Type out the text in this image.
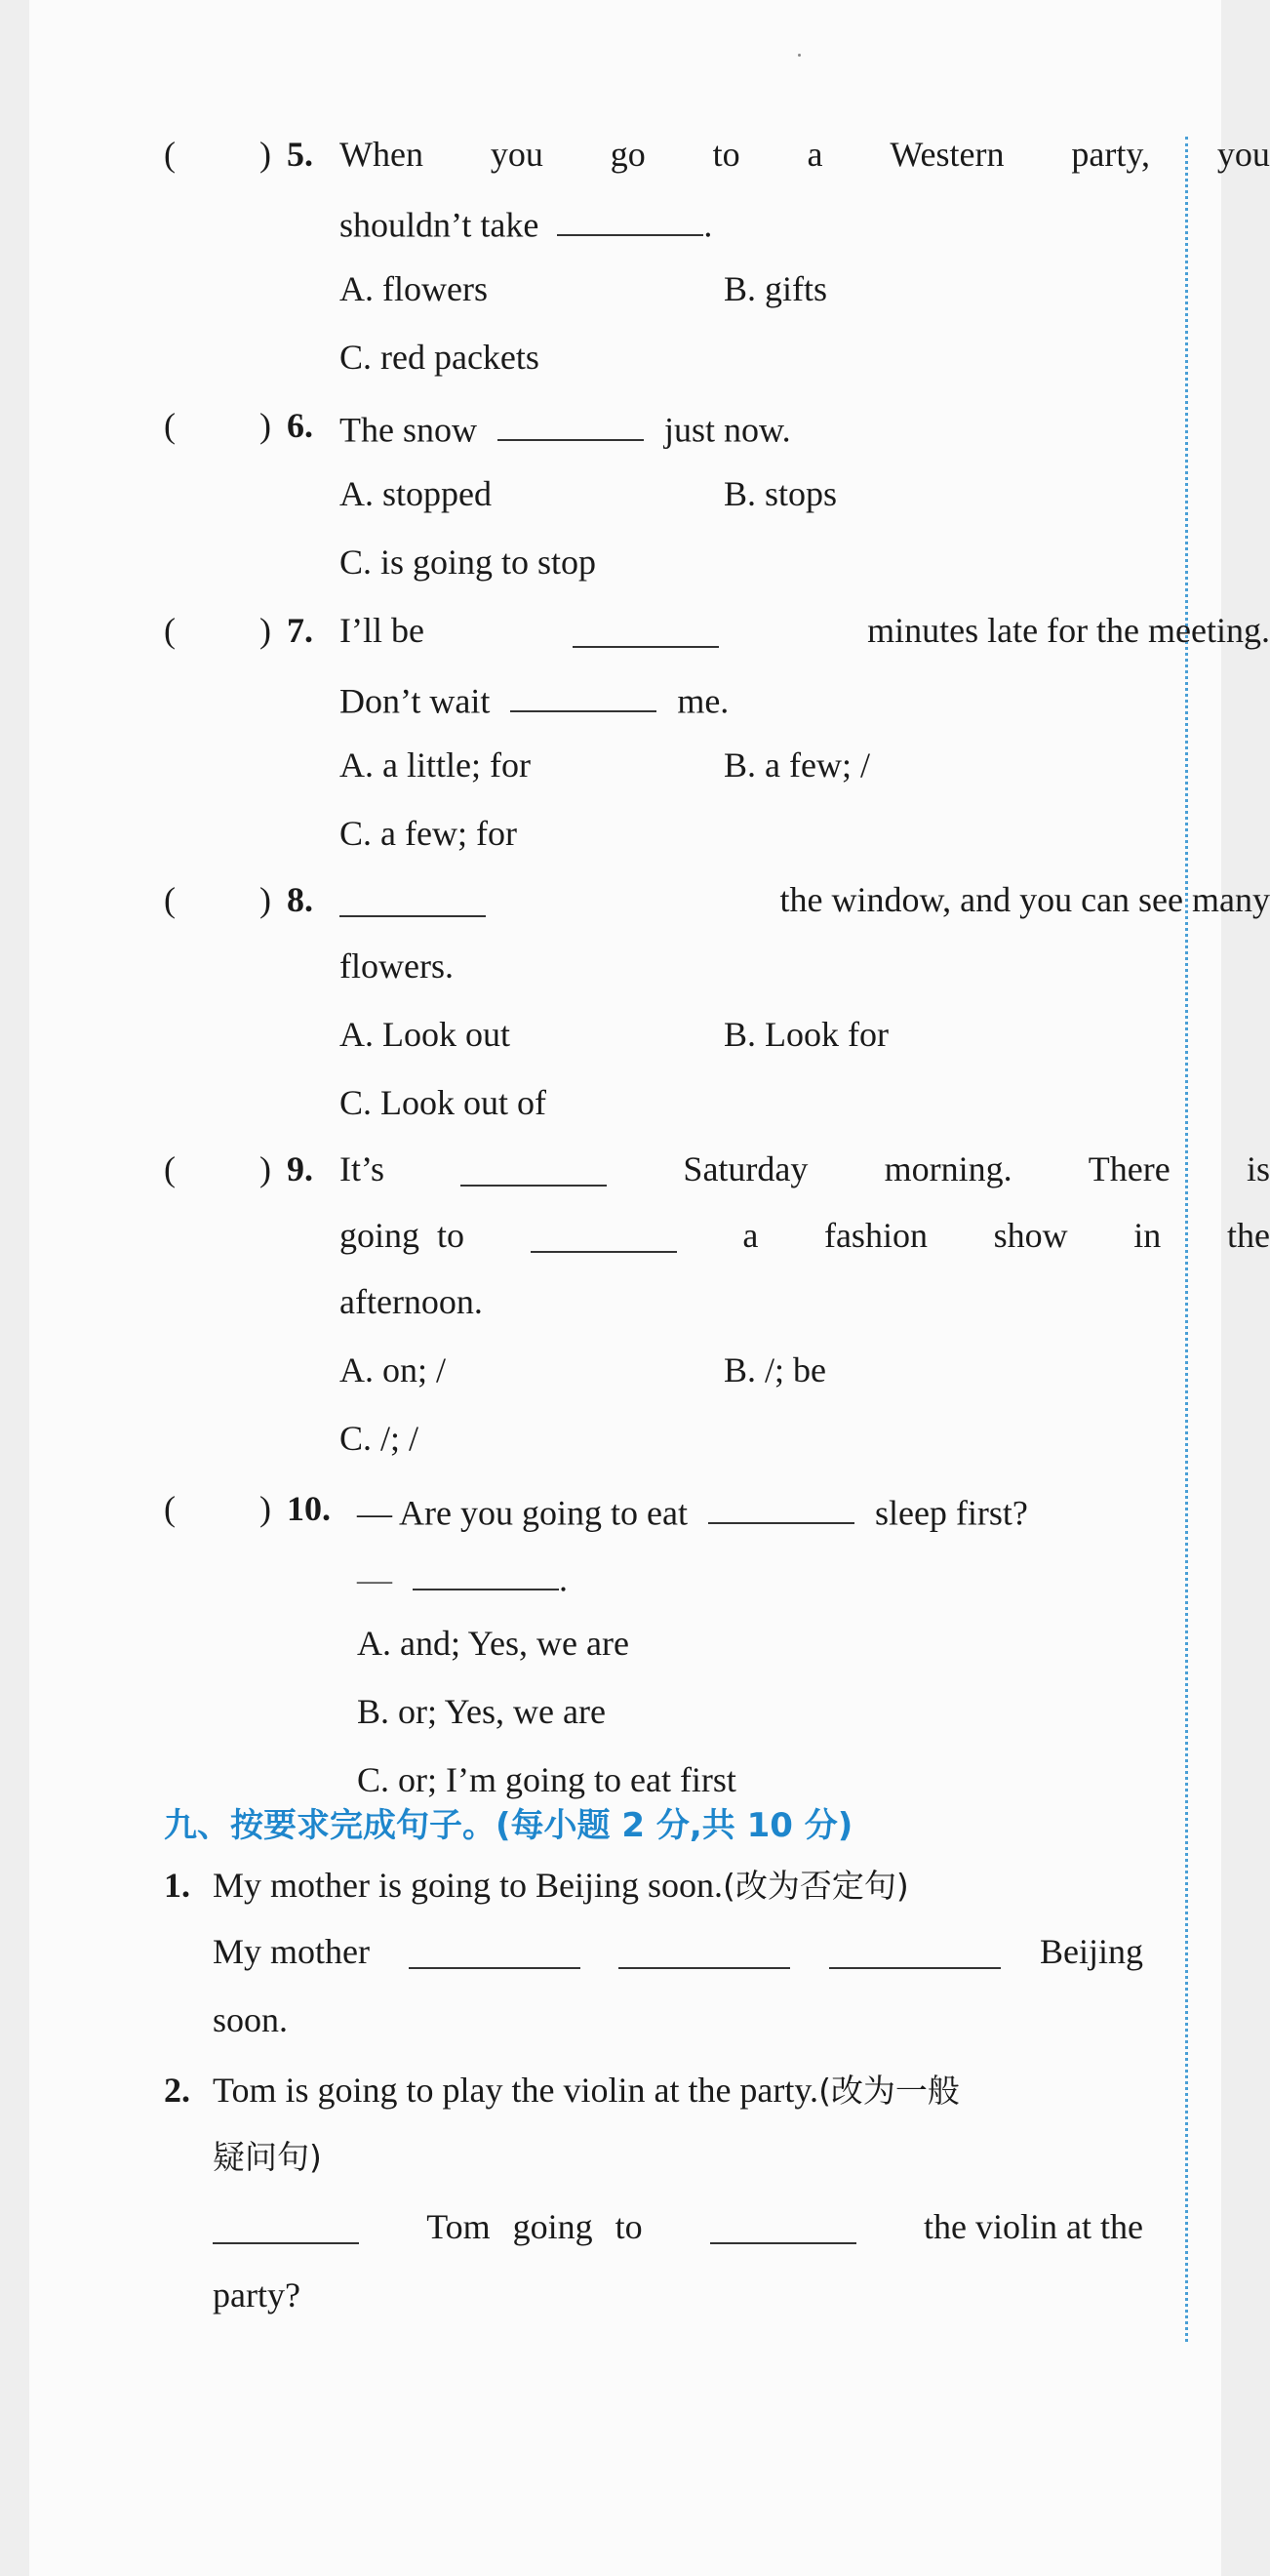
( ) 5. When you go to a Western party, you
shouldn’t take	.
A. flowers	B. gifts
C. red packets
( ) 6. The snow	just now.
A. stopped	B. stops
C. is going to stop
( ) 7. I’ll be	minutes late for the meeting.
Don’t wait	me.
A. a little; for	B. a few; /
C. a few; for
( ) 8.	the window, and you can see many
flowers.
A. Look out	B. Look for
C. Look out of
( ) 9. It’s	Saturday morning. There is
going  to	a fashion show in the
afternoon.
A. on; /	B. /; be
C. /; /
( ) 10. — Are you going to eat	sleep first?
—	.
A. and; Yes, we are
B. or; Yes, we are
C. or; I’m going to eat first
九、按要求完成句子。(每小题 2 分,共 10 分)
1. My mother is going to Beijing soon.(改为否定句)
My mother	Beijing
soon.
2. Tom is going to play the violin at the party.(改为一般
疑问句)
Tom going to	the violin at the
party?
